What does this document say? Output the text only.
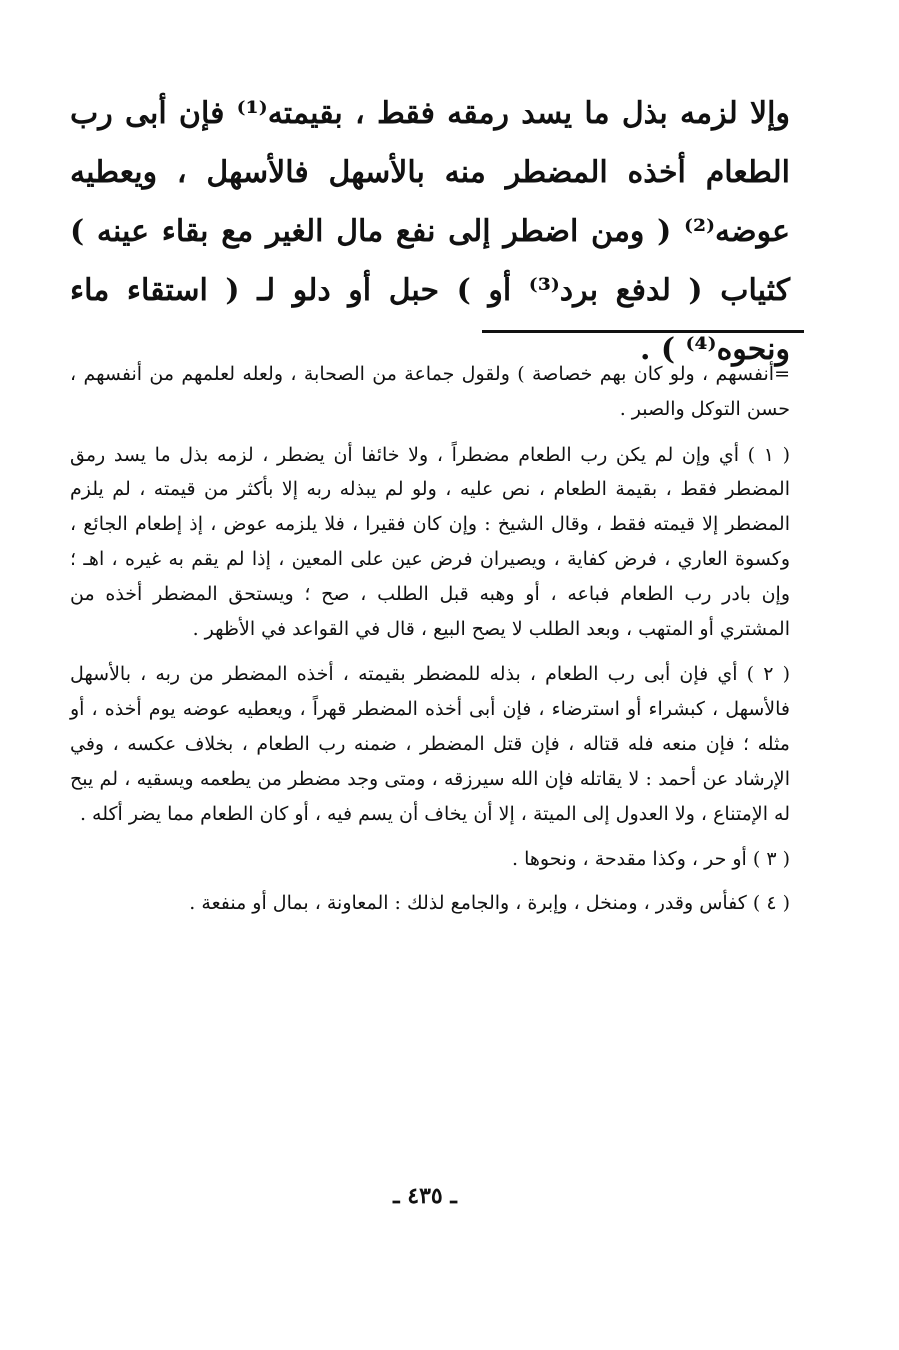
وإلا لزمه بذل ما يسد رمقه فقط ، بقيمته⁽¹⁾ فإن أبى رب الطعام أخذه المضطر منه بالأسهل فالأسهل ، ويعطيه عوضه⁽²⁾ ( ومن اضطر إلى نفع مال الغير مع بقاء عينه ) كثياب ( لدفع برد⁽³⁾ أو ) حبل أو دلو لـ ( استقاء ماء ونحوه⁽⁴⁾ ) .

=أنفسهم ، ولو كان بهم خصاصة ) ولقول جماعة من الصحابة ، ولعله لعلمهم من أنفسهم ، حسن التوكل والصبر .

( ١ ) أي وإن لم يكن رب الطعام مضطراً ، ولا خائفا أن يضطر ، لزمه بذل ما يسد رمق المضطر فقط ، بقيمة الطعام ، نص عليه ، ولو لم يبذله ربه إلا بأكثر من قيمته ، لم يلزم المضطر إلا قيمته فقط ، وقال الشيخ : وإن كان فقيرا ، فلا يلزمه عوض ، إذ إطعام الجائع ، وكسوة العاري ، فرض كفاية ، ويصيران فرض عين على المعين ، إذا لم يقم به غيره ، اهـ ؛ وإن بادر رب الطعام فباعه ، أو وهبه قبل الطلب ، صح ؛ ويستحق المضطر أخذه من المشتري أو المتهب ، وبعد الطلب لا يصح البيع ، قال في القواعد في الأظهر .

( ٢ ) أي فإن أبى رب الطعام ، بذله للمضطر بقيمته ، أخذه المضطر من ربه ، بالأسهل فالأسهل ، كبشراء أو استرضاء ، فإن أبى أخذه المضطر قهراً ، ويعطيه عوضه يوم أخذه ، أو مثله ؛ فإن منعه فله قتاله ، فإن قتل المضطر ، ضمنه رب الطعام ، بخلاف عكسه ، وفي الإرشاد عن أحمد : لا يقاتله فإن الله سيرزقه ، ومتى وجد مضطر من يطعمه ويسقيه ، لم يبح له الإمتناع ، ولا العدول إلى الميتة ، إلا أن يخاف أن يسم فيه ، أو كان الطعام مما يضر أكله .

( ٣ ) أو حر ، وكذا مقدحة ، ونحوها .

( ٤ ) كفأس وقدر ، ومنخل ، وإبرة ، والجامع لذلك : المعاونة ، بمال أو منفعة .

ـ ٤٣٥ ـ
